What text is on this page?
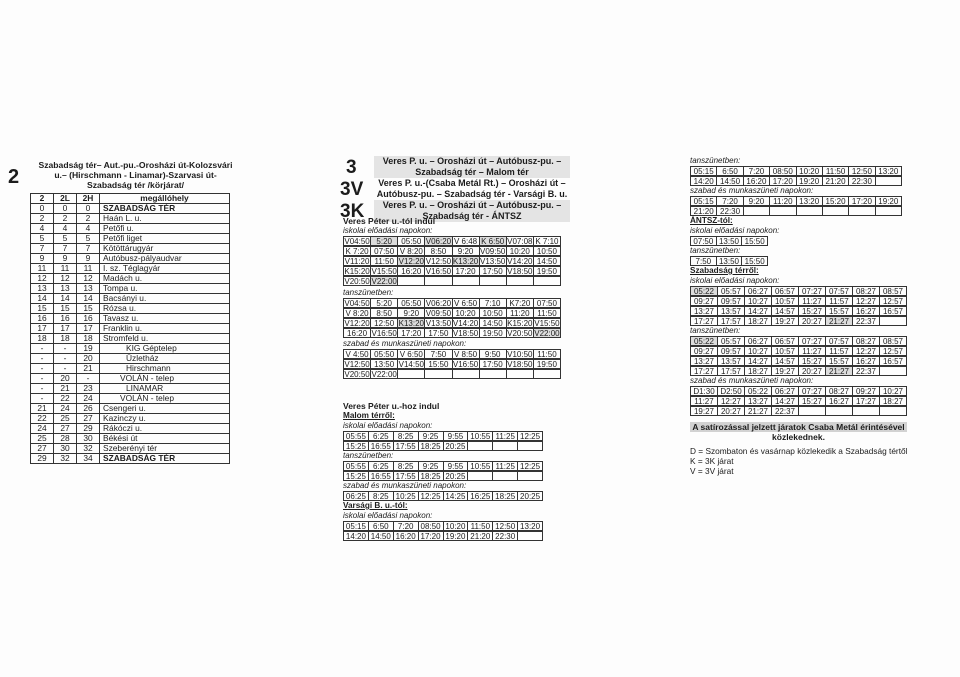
2
Szabadság tér– Aut.-pu.-Orosházi út-Kolozsvári
u.– (Hirschmann - Linamar)-Szarvasi út-
Szabadság tér /körjárat/
2	2L	2H	megállóhely
0	0	0	SZABADSÁG TÉR
2	2	2	Haán L. u.
4	4	4	Petőfi u.
5	5	5	Petőfi liget
7	7	7	Kötöttárugyár
9	9	9	Autóbusz-pályaudvar
11	11	11	I. sz. Téglagyár
12	12	12	Madách u.
13	13	13	Tompa u.
14	14	14	Bacsányi u.
15	15	15	Rózsa u.
16	16	16	Tavasz u.
17	17	17	Franklin u.
18	18	18	Stromfeld u.
-	-	19	KIG Géptelep
-	-	20	Üzletház
-	-	21	Hirschmann
-	20	-	VOLÁN - telep
-	21	23	LINAMAR
-	22	24	VOLÁN - telep
21	24	26	Csengeri u.
22	25	27	Kazinczy u.
24	27	29	Rákóczi u.
25	28	30	Békési út
27	30	32	Szeberényi tér
29	32	34	SZABADSÁG TÉR
3	Veres P. u. – Orosházi út – Autóbusz-pu. –
Szabadság tér – Malom tér
3V	Veres P. u.-(Csaba Metál Rt.) – Orosházi út –
Autóbusz-pu. – Szabadság tér - Varsági B. u.
3K	Veres P. u. – Orosházi út – Autóbusz-pu. –
Szabadság tér - ÁNTSZ
Veres Péter u.-tól indul
iskolai előadási napokon:
V04:50 5:20	05:50 V06:20 V 6:48 K 6:50 V07:08 K 7:10
K 7:20 07:50 V 8:20 8:50	9:20 V09:50 10:20 10:50
V11:20 11:50 V12:20 V12:50 K13:20 V13:50 V14:20 14:50
K15:20 V15:50 16:20 V16:50 17:20 17:50 V18:50 19:50
V20:50 V22:00
tanszünetben:
V04:50 5:20	05:50 V06:20 V 6:50 7:10	K7:20 07:50
V 8:20 8:50	9:20 V09:50 10:20 10:50 11:20 11:50
V12:20 12:50 K13:20 V13:50 V14:20 14:50 K15:20 V15:50
16:20 V16:50 17:20 17:50 V18:50 19:50 V20:50 V22:00
szabad és munkaszüneti napokon:
V 4:50 05:50 V 6:50 7:50 V 8:50 9:50 V10:50 11:50
V12:50 13:50 V14:50 15:50 V16:50 17:50 V18:50 19:50
V20:50 V22:00
Veres Péter u.-hoz indul
Malom térről:
iskolai előadási napokon:
05:55 6:25	8:25	9:25	9:55 10:55 11:25 12:25
15:25 16:55 17:55 18:25 20:25
tanszünetben:
05:55 6:25	8:25	9:25	9:55 10:55 11:25 12:25
15:25 16:55 17:55 18:25 20:25
szabad és munkaszüneti napokon:
06:25 8:25 10:25 12:25 14:25 16:25 18:25 20:25
Varsági B. u.-tól:
iskolai előadási napokon:
05:15 6:50	7:20 08:50 10:20 11:50 12:50 13:20
14:20 14:50 16:20 17:20 19:20 21:20 22:30
tanszünetben:
05:15	6:50	7:20	08:50 10:20 11:50 12:50 13:20
14:20 14:50 16:20 17:20 19:20 21:20 22:30
szabad és munkaszüneti napokon:
05:15	7:20	9:20	11:20 13:20 15:20 17:20 19:20
21:20 22:30
ÁNTSZ-tól:
iskolai előadási napokon:
07:50 13:50 15:50
tanszünetben:
7:50 13:50 15:50
Szabadság térről:
iskolai előadási napokon:
05:22 05:57 06:27 06:57 07:27 07:57 08:27 08:57
09:27 09:57 10:27 10:57 11:27 11:57 12:27 12:57
13:27 13:57 14:27 14:57 15:27 15:57 16:27 16:57
17:27 17:57 18:27 19:27 20:27 21:27 22:37
tanszünetben:
05:22 05:57 06:27 06:57 07:27 07:57 08:27 08:57
09:27 09:57 10:27 10:57 11:27 11:57 12:27 12:57
13:27 13:57 14:27 14:57 15:27 15:57 16:27 16:57
17:27 17:57 18:27 19:27 20:27 21:27 22:37
szabad és munkaszüneti napokon:
D1:30 D2:50 05:22 06:27 07:27 08:27 09:27 10:27
11:27 12:27 13:27 14:27 15:27 16:27 17:27 18:27
19:27 20:27 21:27 22:37
A satírozással jelzett járatok Csaba Metál érintésével
közlekednek.
D = Szombaton és vasárnap közlekedik a Szabadság tértől
K = 3K járat
V = 3V járat
